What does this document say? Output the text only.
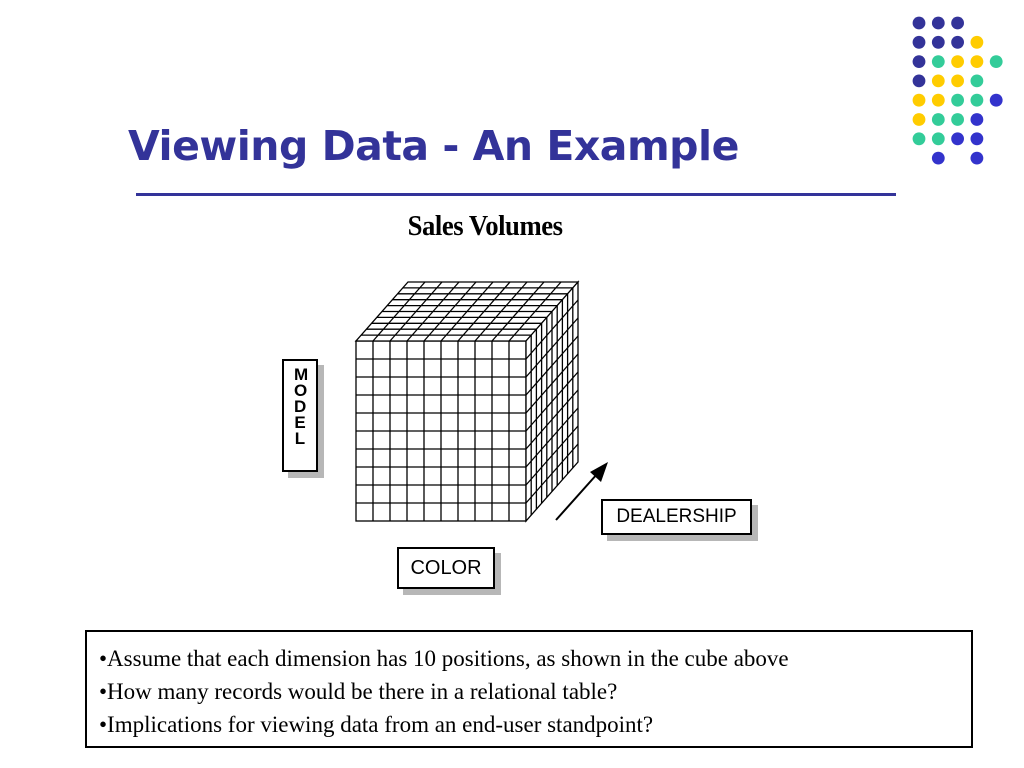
Viewing Data - An Example
Sales Volumes
M
O
D
E
L
DEALERSHIP
COLOR
•Assume that each dimension has 10 positions, as shown in the cube above
•How many records would be there in a relational table?
•Implications for viewing data from an end-user standpoint?
